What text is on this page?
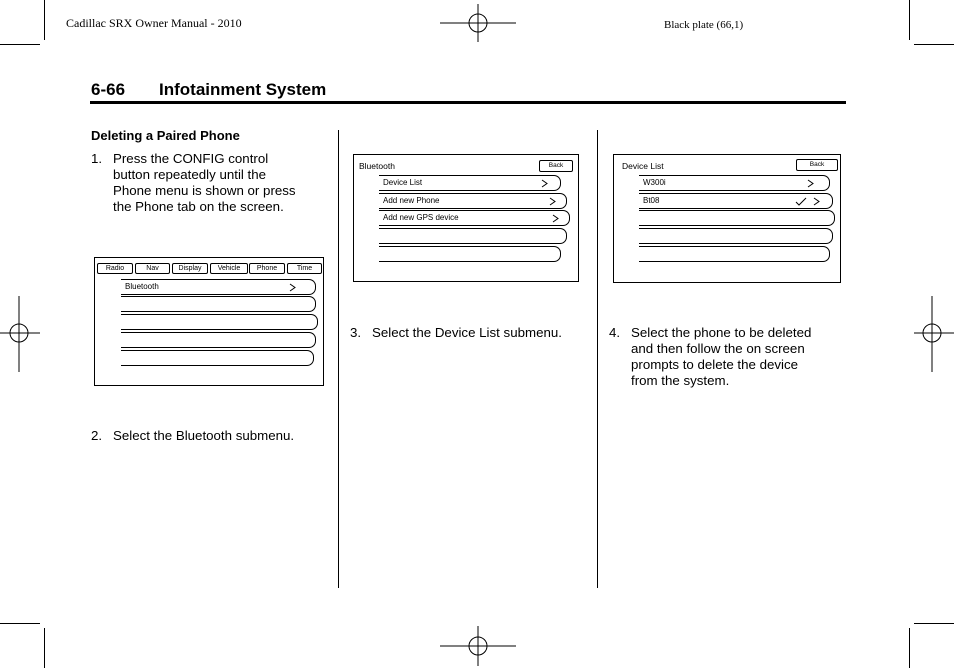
Cadillac SRX Owner Manual - 2010	Black plate (66,1)
6-66 Infotainment System
Deleting a Paired Phone
1. Press the CONFIG control
button repeatedly until the
Phone menu is shown or press
the Phone tab on the screen.
Radio	Nav	Display	Vehicle	Phone	Time
Bluetooth
2. Select the Bluetooth submenu.
Bluetooth	Back
Device List
Add new Phone
Add new GPS device
3. Select the Device List submenu.
Device List	Back
W300i
Bt08
4. Select the phone to be deleted
and then follow the on screen
prompts to delete the device
from the system.
